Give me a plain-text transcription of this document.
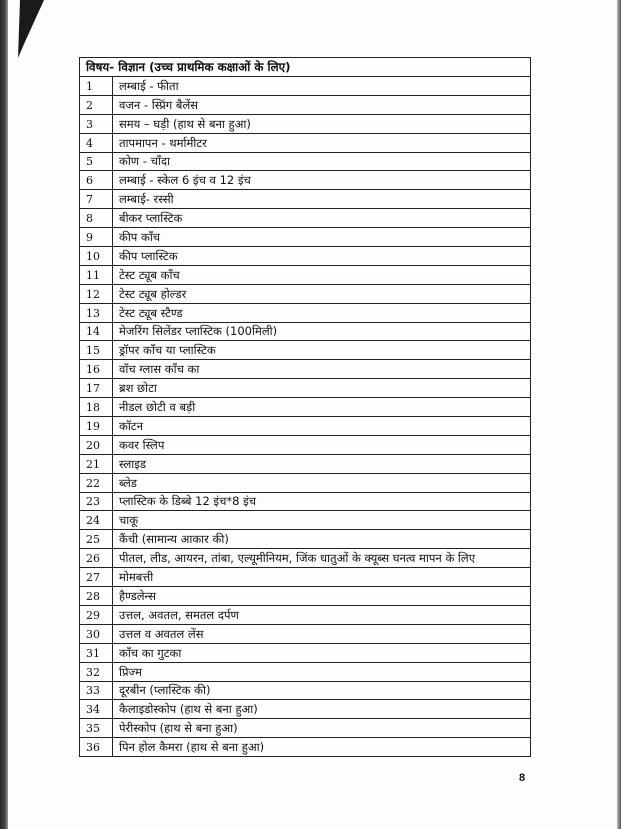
विषय- विज्ञान (उच्च प्राथमिक कक्षाओं के लिए)	
1	लम्बाई - फीता
2	वजन - स्प्रिंग बैलेंस
3	समय – घड़ी (हाथ से बना हुआ)
4	तापमापन - थर्मामीटर
5	कोण - चाँदा
6	लम्बाई - स्केल 6 इंच व 12 इंच
7	लम्बाई- रस्सी
8	बीकर प्लास्टिक
9	कीप काँच
10	कीप प्लास्टिक
11	टेस्ट ट्यूब काँच
12	टेस्ट ट्यूब होल्डर
13	टेस्ट ट्यूब स्टैण्ड
14	मेजरिंग सिलेंडर प्लास्टिक (100मिली)
15	ड्रॉपर काँच या प्लास्टिक
16	वॉच ग्लास काँच का
17	ब्रश छोटा
18	नीडल छोटी व बड़ी
19	कॉटन
20	कवर स्लिप
21	स्लाइड
22	ब्लेड
23	प्लास्टिक के डिब्बे 12 इंच*8 इंच
24	चाकू
25	कैंची (सामान्य आकार की)
26	पीतल, लीड, आयरन, तांबा, एल्यूमीनियम, जिंक धातुओं के क्यूब्स घनत्व मापन के लिए
27	मोमबत्ती
28	हैण्डलेन्स
29	उत्तल, अवतल, समतल दर्पण
30	उत्तल व अवतल लेंस
31	काँच का गुटका
32	प्रिज्म
33	दूरबीन (प्लास्टिक की)
34	कैलाइडोस्कोप (हाथ से बना हुआ)
35	पेरीस्कोप (हाथ से बना हुआ)
36	पिन होल कैमरा (हाथ से बना हुआ)
8
